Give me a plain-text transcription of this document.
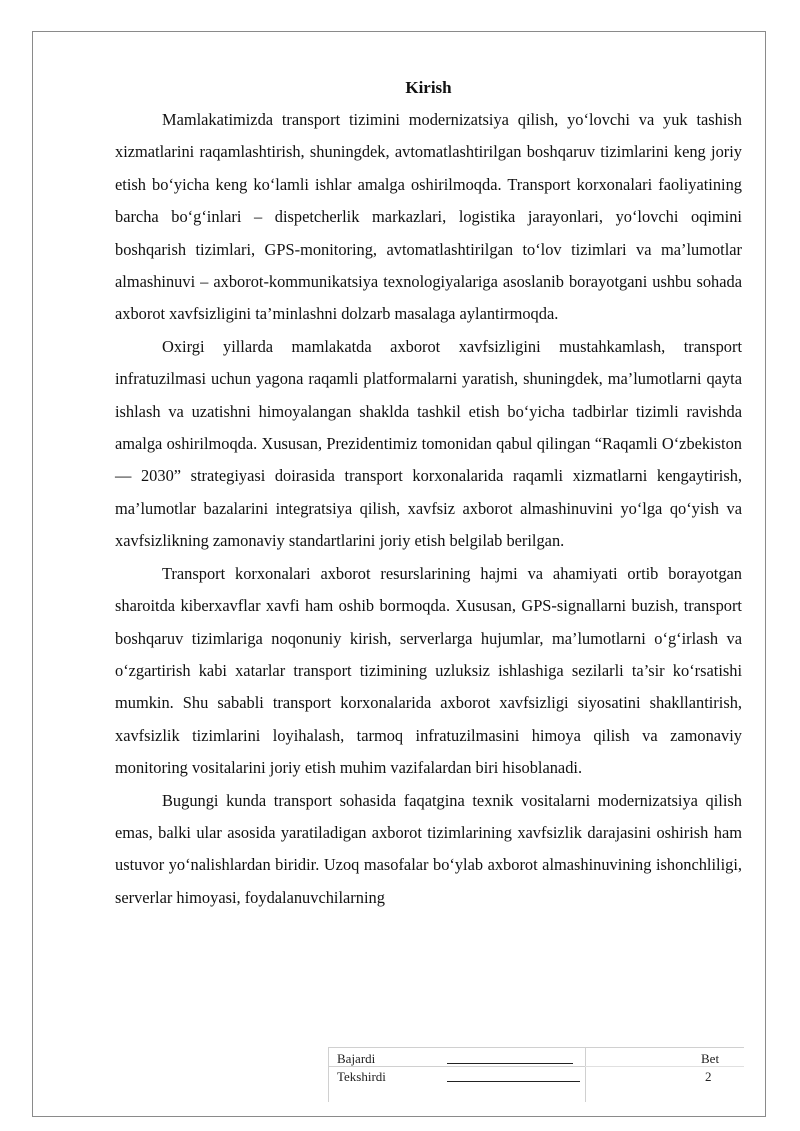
Kirish

Mamlakatimizda transport tizimini modernizatsiya qilish, yo‘lovchi va yuk tashish xizmatlarini raqamlashtirish, shuningdek, avtomatlashtirilgan boshqaruv tizimlarini keng joriy etish bo‘yicha keng ko‘lamli ishlar amalga oshirilmoqda. Transport korxonalari faoliyatining barcha bo‘g‘inlari – dispetcherlik markazlari, logistika jarayonlari, yo‘lovchi oqimini boshqarish tizimlari, GPS-monitoring, avtomatlashtirilgan to‘lov tizimlari va ma’lumotlar almashinuvi – axborot-kommunikatsiya texnologiyalariga asoslanib borayotgani ushbu sohada axborot xavfsizligini ta’minlashni dolzarb masalaga aylantirmoqda.

Oxirgi yillarda mamlakatda axborot xavfsizligini mustahkamlash, transport infratuzilmasi uchun yagona raqamli platformalarni yaratish, shuningdek, ma’lumotlarni qayta ishlash va uzatishni himoyalangan shaklda tashkil etish bo‘yicha tadbirlar tizimli ravishda amalga oshirilmoqda. Xususan, Prezidentimiz tomonidan qabul qilingan “Raqamli O‘zbekiston — 2030” strategiyasi doirasida transport korxonalarida raqamli xizmatlarni kengaytirish, ma’lumotlar bazalarini integratsiya qilish, xavfsiz axborot almashinuvini yo‘lga qo‘yish va xavfsizlikning zamonaviy standartlarini joriy etish belgilab berilgan.

Transport korxonalari axborot resurslarining hajmi va ahamiyati ortib borayotgan sharoitda kiberxavflar xavfi ham oshib bormoqda. Xususan, GPS-signallarni buzish, transport boshqaruv tizimlariga noqonuniy kirish, serverlarga hujumlar, ma’lumotlarni o‘g‘irlash va o‘zgartirish kabi xatarlar transport tizimining uzluksiz ishlashiga sezilarli ta’sir ko‘rsatishi mumkin. Shu sababli transport korxonalarida axborot xavfsizligi siyosatini shakllantirish, xavfsizlik tizimlarini loyihalash, tarmoq infratuzilmasini himoya qilish va zamonaviy monitoring vositalarini joriy etish muhim vazifalardan biri hisoblanadi.

Bugungi kunda transport sohasida faqatgina texnik vositalarni modernizatsiya qilish emas, balki ular asosida yaratiladigan axborot tizimlarining xavfsizlik darajasini oshirish ham ustuvor yo‘nalishlardan biridir. Uzoq masofalar bo‘ylab axborot almashinuvining ishonchliligi, serverlar himoyasi, foydalanuvchilarning

Bajardi
Tekshirdi
Bet
2
